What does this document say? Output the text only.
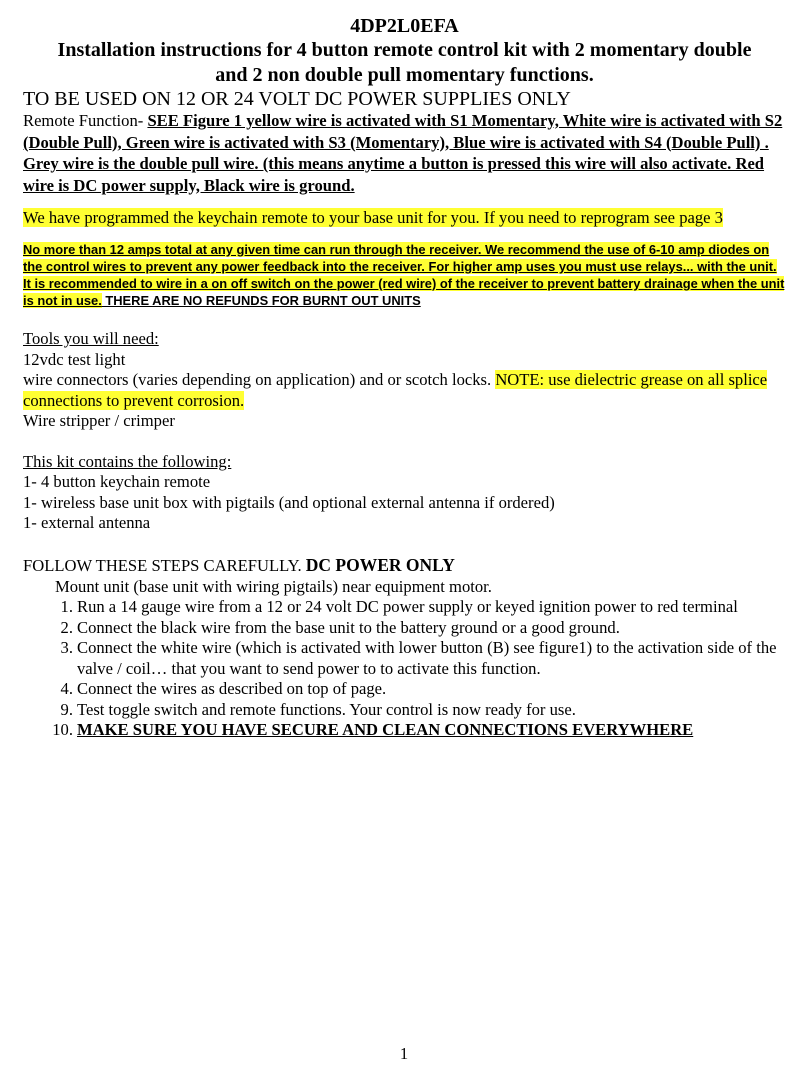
4DP2L0EFA
Installation instructions for 4 button remote control kit with 2 momentary double
and 2 non double pull momentary functions.
TO BE USED ON 12 OR 24 VOLT DC POWER SUPPLIES ONLY
Remote Function- SEE Figure 1 yellow wire is activated with S1 Momentary, White wire is activated with S2 (Double Pull), Green wire is activated with S3 (Momentary), Blue wire is activated with S4 (Double Pull) . Grey wire is the double pull wire. (this means anytime a button is pressed this wire will also activate. Red wire is DC power supply, Black wire is ground.
We have programmed the keychain remote to your base unit for you. If you need to reprogram see page 3
No more than 12 amps total at any given time can run through the receiver. We recommend the use of 6-10 amp diodes on the control wires to prevent any power feedback into the receiver. For higher amp uses you must use relays... with the unit. It is recommended to wire in a on off switch on the power (red wire) of the receiver to prevent battery drainage when the unit is not in use. THERE ARE NO REFUNDS FOR BURNT OUT UNITS
Tools you will need:
12vdc test light
wire connectors (varies depending on application) and or scotch locks. NOTE: use dielectric grease on all splice connections to prevent corrosion.
Wire stripper / crimper
This kit contains the following:
1- 4 button keychain remote
1- wireless base unit box with pigtails (and optional external antenna if ordered)
1- external antenna
FOLLOW THESE STEPS CAREFULLY. DC POWER ONLY
Mount unit (base unit with wiring pigtails) near equipment motor.
1. Run a 14 gauge wire from a 12 or 24 volt DC power supply or keyed ignition power to red terminal
2. Connect the black wire from the base unit to the battery ground or a good ground.
3. Connect the white wire (which is activated with lower button (B) see figure1) to the activation side of the valve / coil… that you want to send power to to activate this function.
4. Connect the wires as described on top of page.
9. Test toggle switch and remote functions. Your control is now ready for use.
10. MAKE SURE YOU HAVE SECURE AND CLEAN CONNECTIONS EVERYWHERE
1
